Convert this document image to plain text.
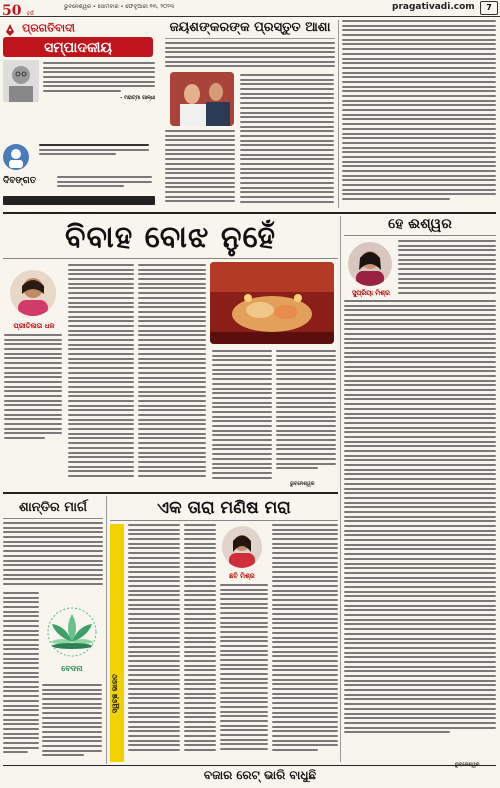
50 ବର୍ଷ
ଭୁବନେଶ୍ୱର • ସୋମବାର • ଫେବୃଆରୀ ୧୩, ୨୦୨୩	pragativadi.com	7
ପ୍ରଗତିବାଦୀ
ସମ୍ପାଦକୀୟ
- ମହାତ୍ମା ଗାନ୍ଧୀ
ଦିବଙ୍ଗତ
editor@pragativadi.com / feature@pragativadi.com
ଜୟଶଙ୍କରଙ୍କ ପ୍ରସ୍ତୁତ ଆଶା
ବିବାହ ବୋଝ ନୁହେଁ
ପ୍ରୀତିଲତା ଧଳ
ଭୁବନେଶ୍ୱର
ହେ ଈଶ୍ୱର
ସୁପ୍ରିୟା ମିଶ୍ର
ଶାନ୍ତିର ମାର୍ଗ
ବେଦନା
ଏକ ତାରା ମଣିଷ ମରା
ସ୍ୱଚ୍ଛ ଭାରତ
ଛବି ମିଶ୍ର
ବଜାର ରେଟ୍ ଭାରି ବାଧୁଛି
